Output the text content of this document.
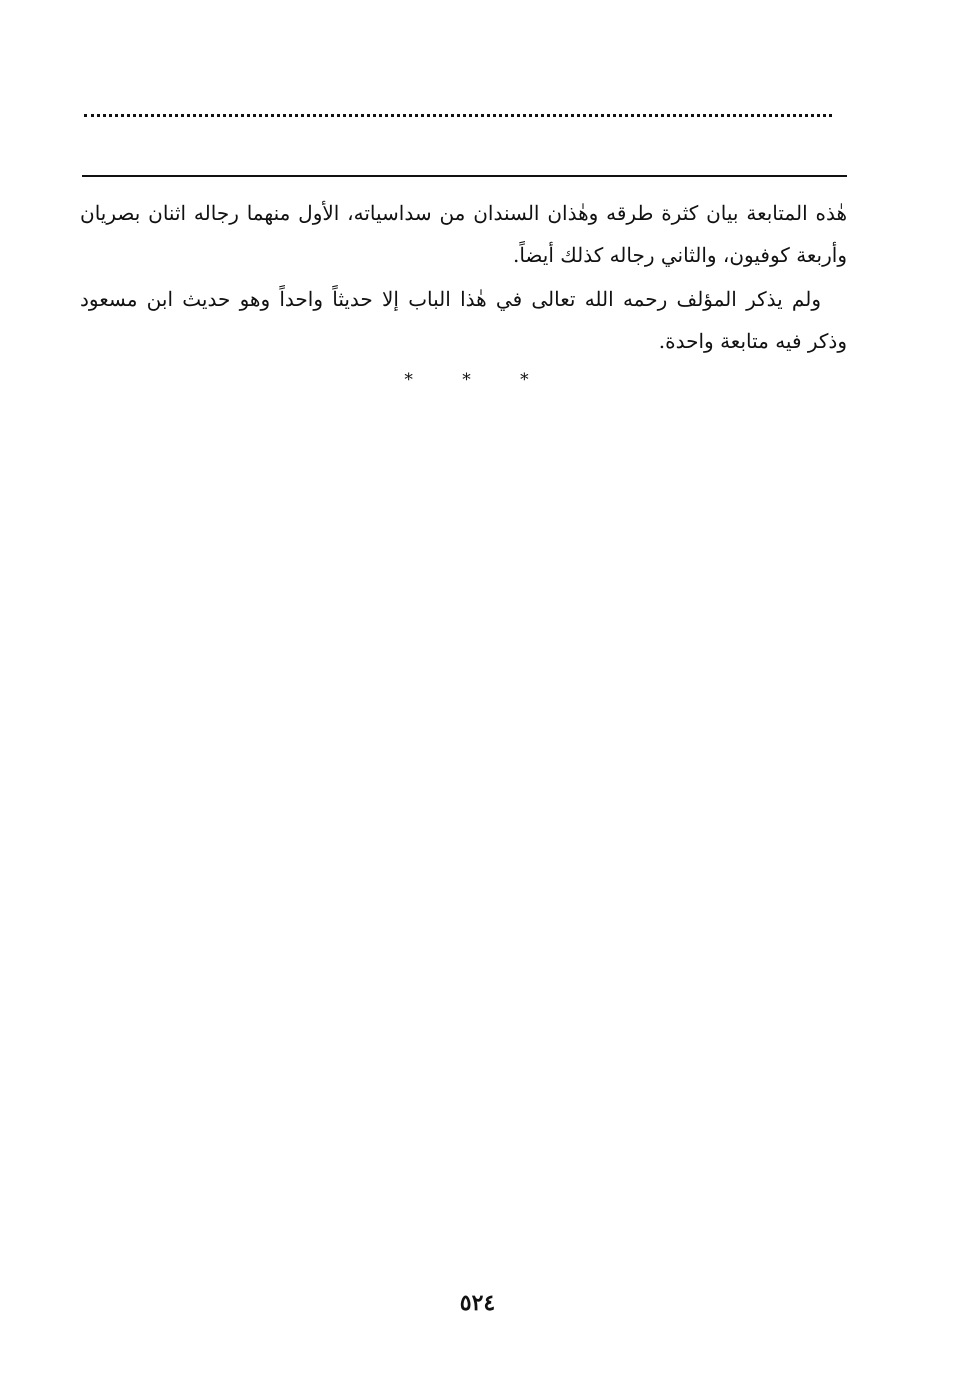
هٰذه المتابعة بيان كثرة طرقه وهٰذان السندان من سداسياته، الأول منهما رجاله اثنان بصريان وأربعة كوفيون، والثاني رجاله كذلك أيضاً.

ولم يذكر المؤلف رحمه الله تعالى في هٰذا الباب إلا حديثاً واحداً وهو حديث ابن مسعود وذكر فيه متابعة واحدة.

* * *
٥٢٤
